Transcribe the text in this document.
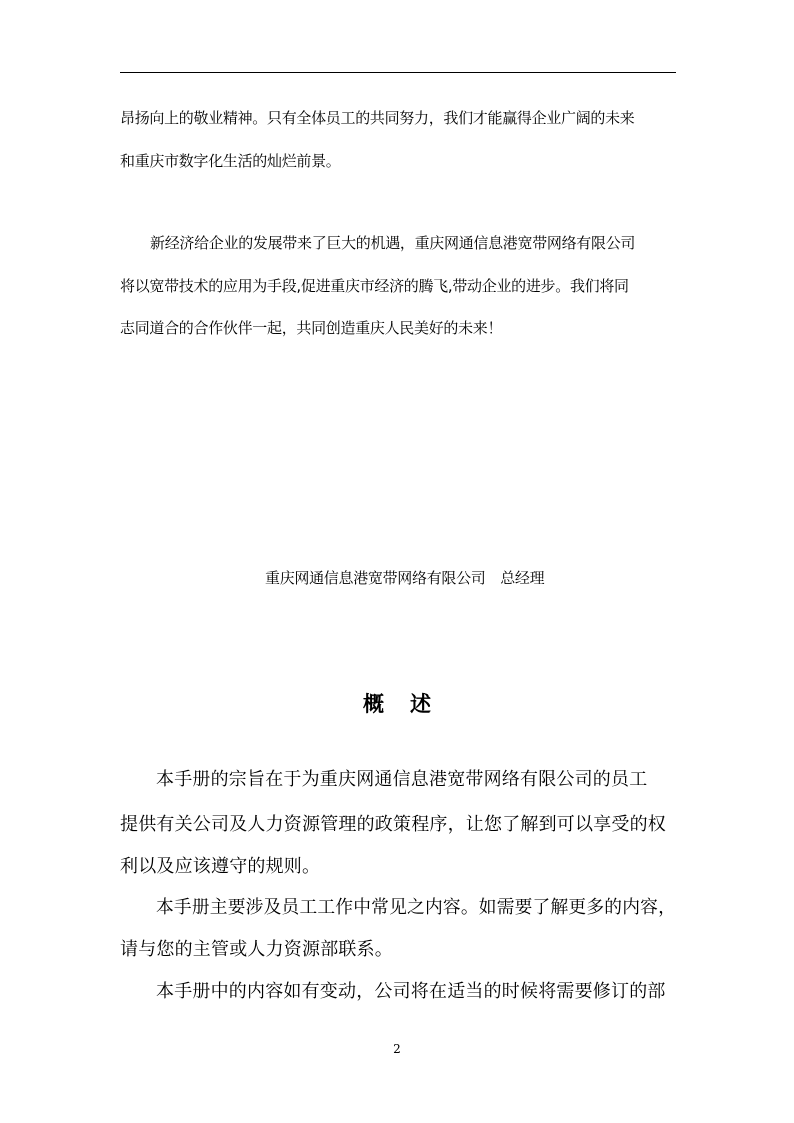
昂扬向上的敬业精神。只有全体员工的共同努力，我们才能赢得企业广阔的未来
和重庆市数字化生活的灿烂前景。
新经济给企业的发展带来了巨大的机遇，重庆网通信息港宽带网络有限公司
将以宽带技术的应用为手段,促进重庆市经济的腾飞,带动企业的进步。我们将同
志同道合的合作伙伴一起，共同创造重庆人民美好的未来！
重庆网通信息港宽带网络有限公司　总经理
概述
本手册的宗旨在于为重庆网通信息港宽带网络有限公司的员工
提供有关公司及人力资源管理的政策程序，让您了解到可以享受的权
利以及应该遵守的规则。
本手册主要涉及员工工作中常见之内容。如需要了解更多的内容，
请与您的主管或人力资源部联系。
本手册中的内容如有变动，公司将在适当的时候将需要修订的部
2
